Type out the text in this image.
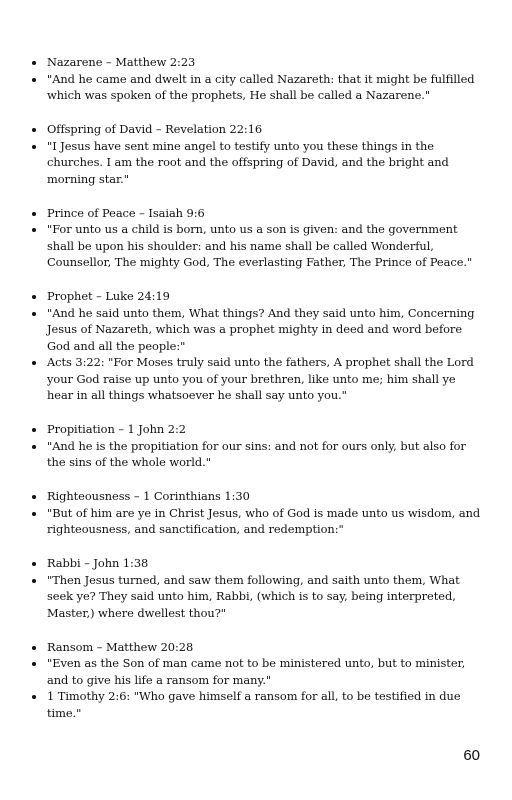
Nazarene – Matthew 2:23
"And he came and dwelt in a city called Nazareth: that it might be fulfilled which was spoken of the prophets, He shall be called a Nazarene."
Offspring of David – Revelation 22:16
"I Jesus have sent mine angel to testify unto you these things in the churches. I am the root and the offspring of David, and the bright and morning star."
Prince of Peace – Isaiah 9:6
"For unto us a child is born, unto us a son is given: and the government shall be upon his shoulder: and his name shall be called Wonderful, Counsellor, The mighty God, The everlasting Father, The Prince of Peace."
Prophet – Luke 24:19
"And he said unto them, What things? And they said unto him, Concerning Jesus of Nazareth, which was a prophet mighty in deed and word before God and all the people:"
Acts 3:22: "For Moses truly said unto the fathers, A prophet shall the Lord your God raise up unto you of your brethren, like unto me; him shall ye hear in all things whatsoever he shall say unto you."
Propitiation – 1 John 2:2
"And he is the propitiation for our sins: and not for ours only, but also for the sins of the whole world."
Righteousness – 1 Corinthians 1:30
"But of him are ye in Christ Jesus, who of God is made unto us wisdom, and righteousness, and sanctification, and redemption:"
Rabbi – John 1:38
"Then Jesus turned, and saw them following, and saith unto them, What seek ye? They said unto him, Rabbi, (which is to say, being interpreted, Master,) where dwellest thou?"
Ransom – Matthew 20:28
"Even as the Son of man came not to be ministered unto, but to minister, and to give his life a ransom for many."
1 Timothy 2:6: "Who gave himself a ransom for all, to be testified in due time."
60
